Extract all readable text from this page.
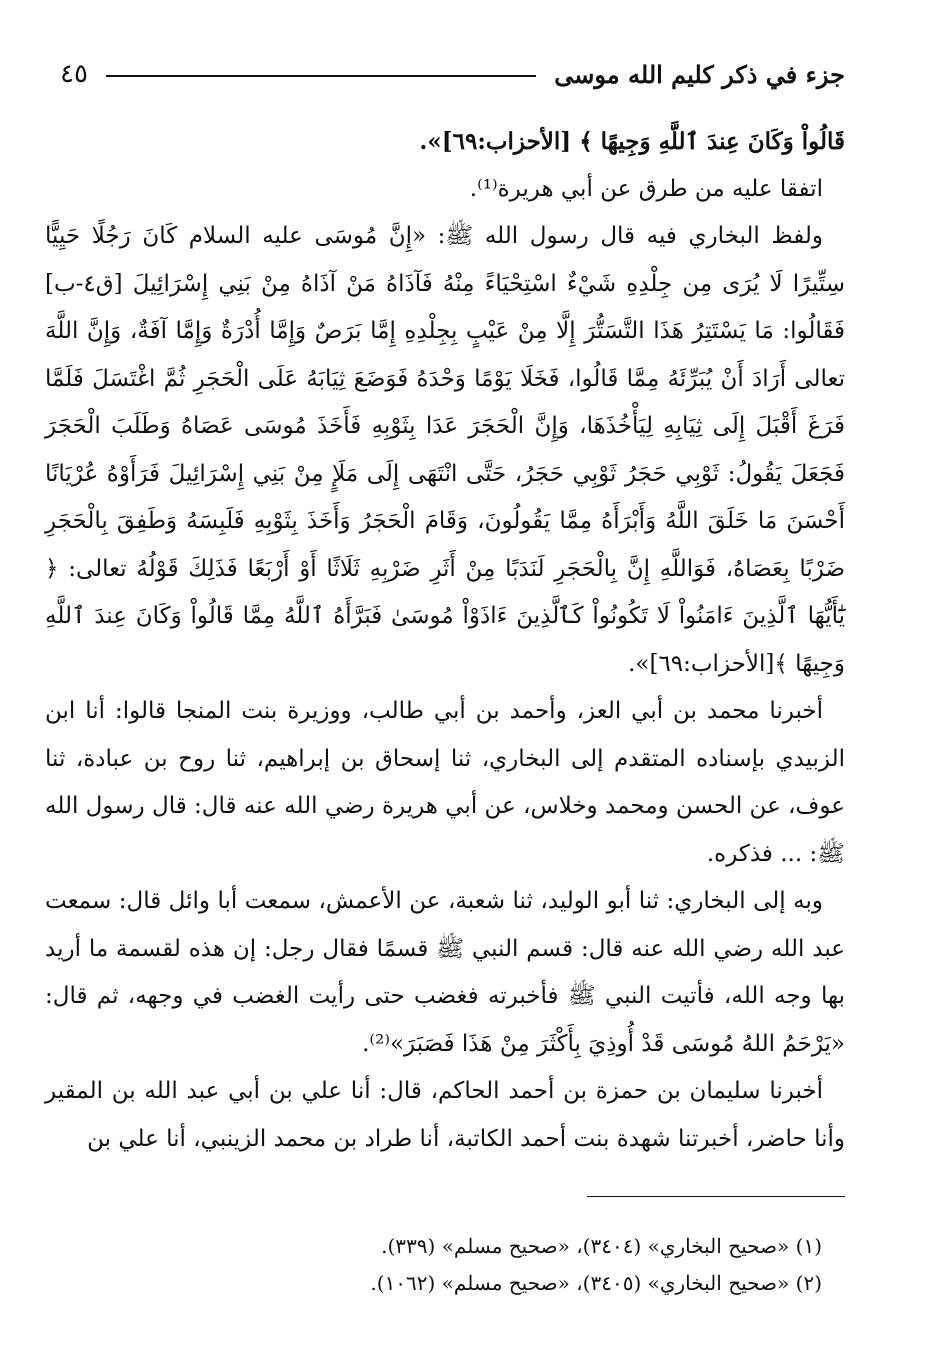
جزء في ذكر كليم الله موسى
٤٥

قَالُواْ وَكَانَ عِندَ ٱللَّهِ وَجِيهًا ﴾ [الأحزاب:٦٩]».

اتفقا عليه من طرق عن أبي هريرة⁽¹⁾.

ولفظ البخاري فيه قال رسول الله ﷺ: «إِنَّ مُوسَى عليه السلام كَانَ رَجُلًا حَيِيًّا سِتِّيرًا لَا يُرَى مِن جِلْدِهِ شَيْءٌ اسْتِحْيَاءً مِنْهُ فَآذَاهُ مَنْ آذَاهُ مِنْ بَنِي إِسْرَائِيلَ [ق٤-ب] فَقَالُوا: مَا يَسْتَتِرُ هَذَا التَّسَتُّرَ إِلَّا مِنْ عَيْبٍ بِجِلْدِهِ إِمَّا بَرَصٌ وَإِمَّا أُدْرَةٌ وَإِمَّا آفَةٌ، وَإِنَّ اللَّهَ تعالى أَرَادَ أَنْ يُبَرِّئَهُ مِمَّا قَالُوا، فَخَلَا يَوْمًا وَحْدَهُ فَوَضَعَ ثِيَابَهُ عَلَى الْحَجَرِ ثُمَّ اغْتَسَلَ فَلَمَّا فَرَغَ أَقْبَلَ إِلَى ثِيَابِهِ لِيَأْخُذَهَا، وَإِنَّ الْحَجَرَ عَدَا بِثَوْبِهِ فَأَخَذَ مُوسَى عَصَاهُ وَطَلَبَ الْحَجَرَ فَجَعَلَ يَقُولُ: ثَوْبِي حَجَرُ ثَوْبِي حَجَرُ، حَتَّى انْتَهَى إِلَى مَلَإٍ مِنْ بَنِي إِسْرَائِيلَ فَرَأَوْهُ عُرْيَانًا أَحْسَنَ مَا خَلَقَ اللَّهُ وَأَبْرَأَهُ مِمَّا يَقُولُونَ، وَقَامَ الْحَجَرُ وَأَخَذَ بِثَوْبِهِ فَلَبِسَهُ وَطَفِقَ بِالْحَجَرِ ضَرْبًا بِعَصَاهُ، فَوَاللَّهِ إِنَّ بِالْحَجَرِ لَنَدَبًا مِنْ أَثَرِ ضَرْبِهِ ثَلَاثًا أَوْ أَرْبَعًا فَذَلِكَ قَوْلُهُ تعالى: ﴿ يَٰٓأَيُّهَا ٱلَّذِينَ ءَامَنُواْ لَا تَكُونُواْ كَٱلَّذِينَ ءَاذَوْاْ مُوسَىٰ فَبَرَّأَهُ ٱللَّهُ مِمَّا قَالُواْ وَكَانَ عِندَ ٱللَّهِ وَجِيهًا ﴾[الأحزاب:٦٩]».

أخبرنا محمد بن أبي العز، وأحمد بن أبي طالب، ووزيرة بنت المنجا قالوا: أنا ابن الزبيدي بإسناده المتقدم إلى البخاري، ثنا إسحاق بن إبراهيم، ثنا روح بن عبادة، ثنا عوف، عن الحسن ومحمد وخلاس، عن أبي هريرة رضي الله عنه قال: قال رسول الله ﷺ: ... فذكره.

وبه إلى البخاري: ثنا أبو الوليد، ثنا شعبة، عن الأعمش، سمعت أبا وائل قال: سمعت عبد الله رضي الله عنه قال: قسم النبي ﷺ قسمًا فقال رجل: إن هذه لقسمة ما أريد بها وجه الله، فأتيت النبي ﷺ فأخبرته فغضب حتى رأيت الغضب في وجهه، ثم قال: «يَرْحَمُ اللهُ مُوسَى قَدْ أُوذِيَ بِأَكْثَرَ مِنْ هَذَا فَصَبَرَ»⁽²⁾.

أخبرنا سليمان بن حمزة بن أحمد الحاكم، قال: أنا علي بن أبي عبد الله بن المقير وأنا حاضر، أخبرتنا شهدة بنت أحمد الكاتبة، أنا طراد بن محمد الزينبي، أنا علي بن

(١) «صحيح البخاري» (٣٤٠٤)، «صحيح مسلم» (٣٣٩).

(٢) «صحيح البخاري» (٣٤٠٥)، «صحيح مسلم» (١٠٦٢).
